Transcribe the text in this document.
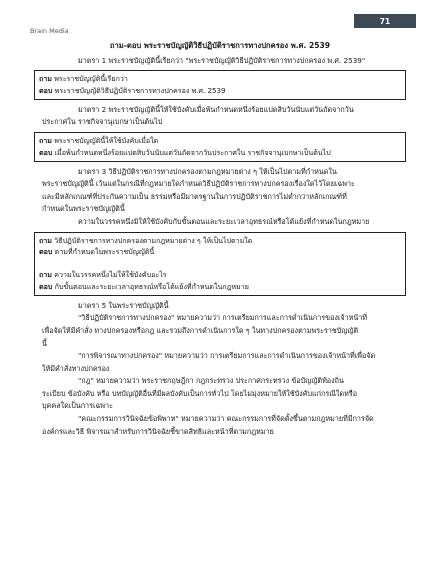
Brain Media
71
ถาม-ตอบ พระราชบัญญัติวิธีปฏิบัติราชการทางปกครอง พ.ศ. 2539

มาตรา 1 พระราชบัญญัตินี้เรียกว่า "พระราชบัญญัติวิธีปฏิบัติราชการทางปกครอง พ.ศ. 2539"

ถาม พระราชบัญญัตินี้เรียกว่า
ตอบ พระราชบัญญัติวิธีปฏิบัติราชการทางปกครอง พ.ศ. 2539

มาตรา 2 พระราชบัญญัตินี้ให้ใช้บังคับเมื่อพ้นกำหนดหนึ่งร้อยแปดสิบวันนับแต่วันถัดจากวัน

ประกาศใน ราชกิจจานุเบกษาเป็นต้นไป

ถาม พระราชบัญญัตินี้ให้ใช้บังคับเมื่อใด
ตอบ เมื่อพ้นกำหนดหนึ่งร้อยแปดสิบวันนับแต่วันถัดจากวันประกาศใน ราชกิจจานุเบกษาเป็นต้นไป

มาตรา 3 วิธีปฏิบัติราชการทางปกครองตามกฎหมายต่าง ๆ ให้เป็นไปตามที่กำหนดใน

พระราชบัญญัตินี้ เว้นแต่ในกรณีที่กฎหมายใดกำหนดวิธีปฏิบัติราชการทางปกครองเรื่องใดไว้โดยเฉพาะ

และมีหลักเกณฑ์ที่ประกันความเป็น ธรรมหรือมีมาตรฐานในการปฏิบัติราชการไม่ต่ำกว่าหลักเกณฑ์ที่

กำหนดในพระราชบัญญัตินี้

ความในวรรคหนึ่งมิให้ใช้บังคับกับขั้นตอนและระยะเวลาอุทธรณ์หรือโต้แย้งที่กำหนดในกฎหมาย

ถาม วิธีปฏิบัติราชการทางปกครองตามกฎหมายต่าง ๆ ให้เป็นไปตามใด
ตอบ ตามที่กำหนดในพระราชบัญญัตินี้
ถาม ความในวรรคหนึ่งไม่ให้ใช้บังคับอะไร
ตอบ กับขั้นตอนและระยะเวลาอุทธรณ์หรือโต้แย้งที่กำหนดในกฎหมาย

มาตรา 5 ในพระราชบัญญัตินี้

"วิธีปฏิบัติราชการทางปกครอง" หมายความว่า การเตรียมการและการดำเนินการของเจ้าหน้าที่

เพื่อจัดให้มีคำสั่ง ทางปกครองหรือกฎ และรวมถึงการดำเนินการใด ๆ ในทางปกครองตามพระราชบัญญัติ

นี้

"การพิจารณาทางปกครอง" หมายความว่า การเตรียมการและการดำเนินการของเจ้าหน้าที่เพื่อจัด

ให้มีคำสั่งทางปกครอง

"กฎ" หมายความว่า พระราชกฤษฎีกา กฎกระทรวง ประกาศกระทรวง ข้อบัญญัติท้องถิ่น

ระเบียบ ข้อบังคับ หรือ บทบัญญัติอื่นที่มีผลบังคับเป็นการทั่วไป โดยไม่มุ่งหมายให้ใช้บังคับแก่กรณีใดหรือ

บุคคลใดเป็นการเฉพาะ

"คณะกรรมการวินิจฉัยข้อพิพาท" หมายความว่า คณะกรรมการที่จัดตั้งขึ้นตามกฎหมายที่มีการจัด

องค์กรและวิธี พิจารณาสำหรับการวินิจฉัยชี้ขาดสิทธิและหน้าที่ตามกฎหมาย
